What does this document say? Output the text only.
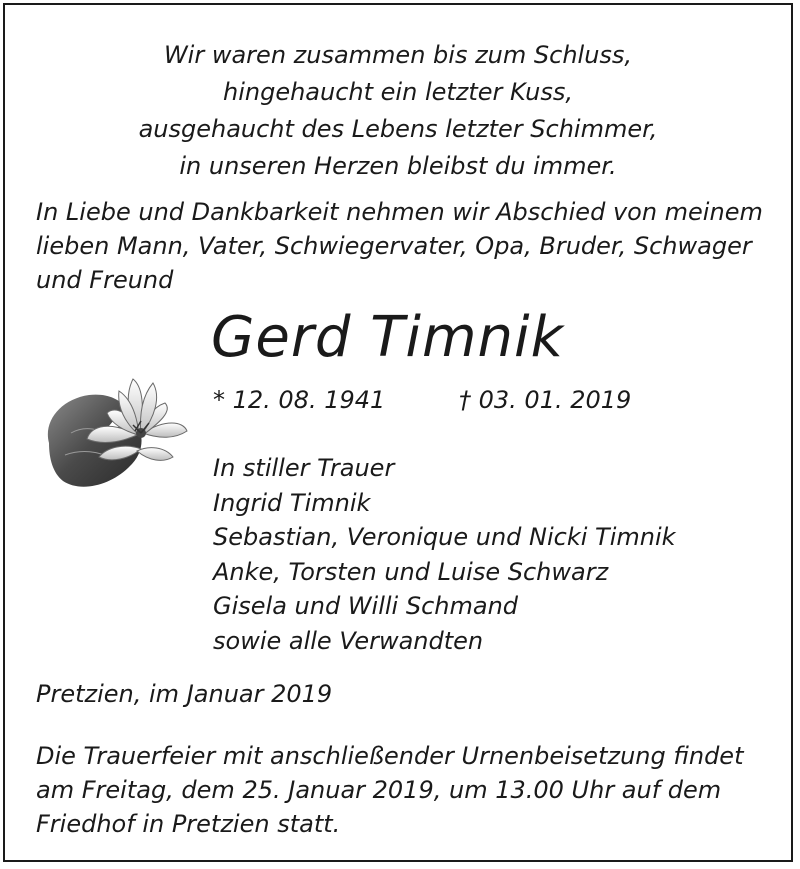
Wir waren zusammen bis zum Schluss,
hingehaucht ein letzter Kuss,
ausgehaucht des Lebens letzter Schimmer,
in unseren Herzen bleibst du immer.
In Liebe und Dankbarkeit nehmen wir Abschied von meinem lieben Mann, Vater, Schwiegervater, Opa, Bruder, Schwager und Freund
Gerd Timnik
* 12. 08. 1941	† 03. 01. 2019
In stiller Trauer
Ingrid Timnik
Sebastian, Veronique und Nicki Timnik
Anke, Torsten und Luise Schwarz
Gisela und Willi Schmand
sowie alle Verwandten
Pretzien, im Januar 2019
Die Trauerfeier mit anschließender Urnenbeisetzung findet
am Freitag, dem 25. Januar 2019, um 13.00 Uhr auf dem
Friedhof in Pretzien statt.
